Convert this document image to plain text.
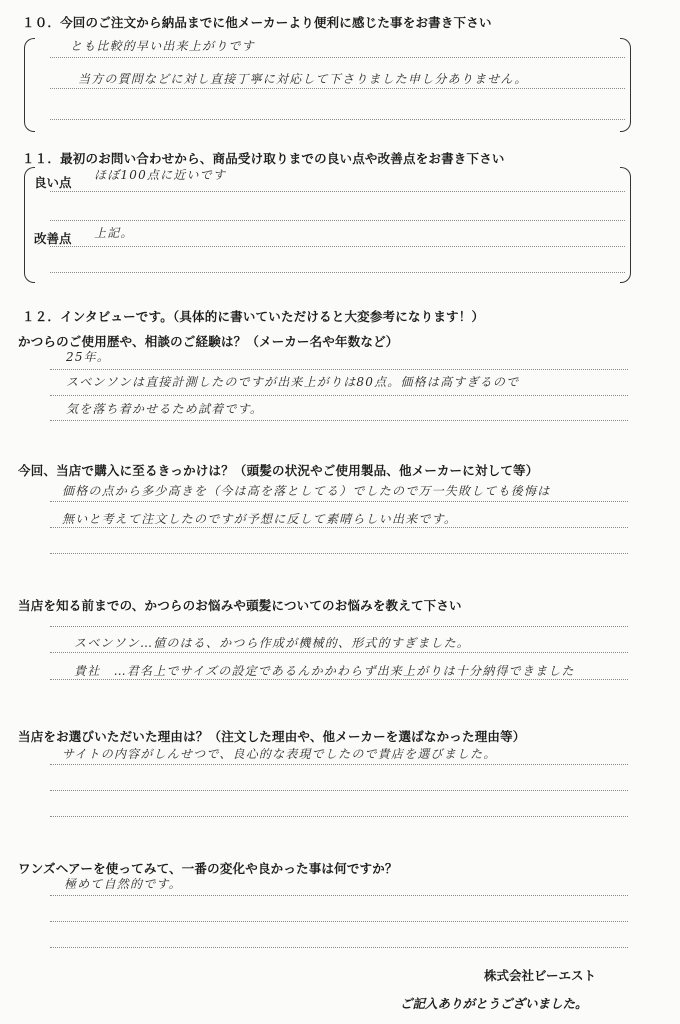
１０．今回のご注文から納品までに他メーカーより便利に感じた事をお書き下さい
とも比較的早い出来上がりです
当方の質問などに対し直接丁寧に対応して下さりました申し分ありません。
１１．最初のお問い合わせから、商品受け取りまでの良い点や改善点をお書き下さい
良い点 ほぼ100点に近いです
改善点 上記。
１２．インタビューです。（具体的に書いていただけると大変参考になります！）
かつらのご使用歴や、相談のご経験は？（メーカー名や年数など）
25年。
スベンソンは直接計測したのですが出来上がりは80点。価格は高すぎるので
気を落ち着かせるため試着です。
今回、当店で購入に至るきっかけは？（頭髪の状況やご使用製品、他メーカーに対して等）
価格の点から多少高きを（今は高を落としてる）でしたので万一失敗しても後悔は
無いと考えて注文したのですが予想に反して素晴らしい出来です。
当店を知る前までの、かつらのお悩みや頭髪についてのお悩みを教えて下さい
スベンソン…値のはる、かつら作成が機械的、形式的すぎました。
貴社　…君名上でサイズの設定であるんかかわらず出来上がりは十分納得できました
当店をお選びいただいた理由は？（注文した理由や、他メーカーを選ばなかった理由等）
サイトの内容がしんせつで、良心的な表現でしたので貴店を選びました。
ワンズヘアーを使ってみて、一番の変化や良かった事は何ですか？
極めて自然的です。
株式会社ビーエスト
ご記入ありがとうございました。
